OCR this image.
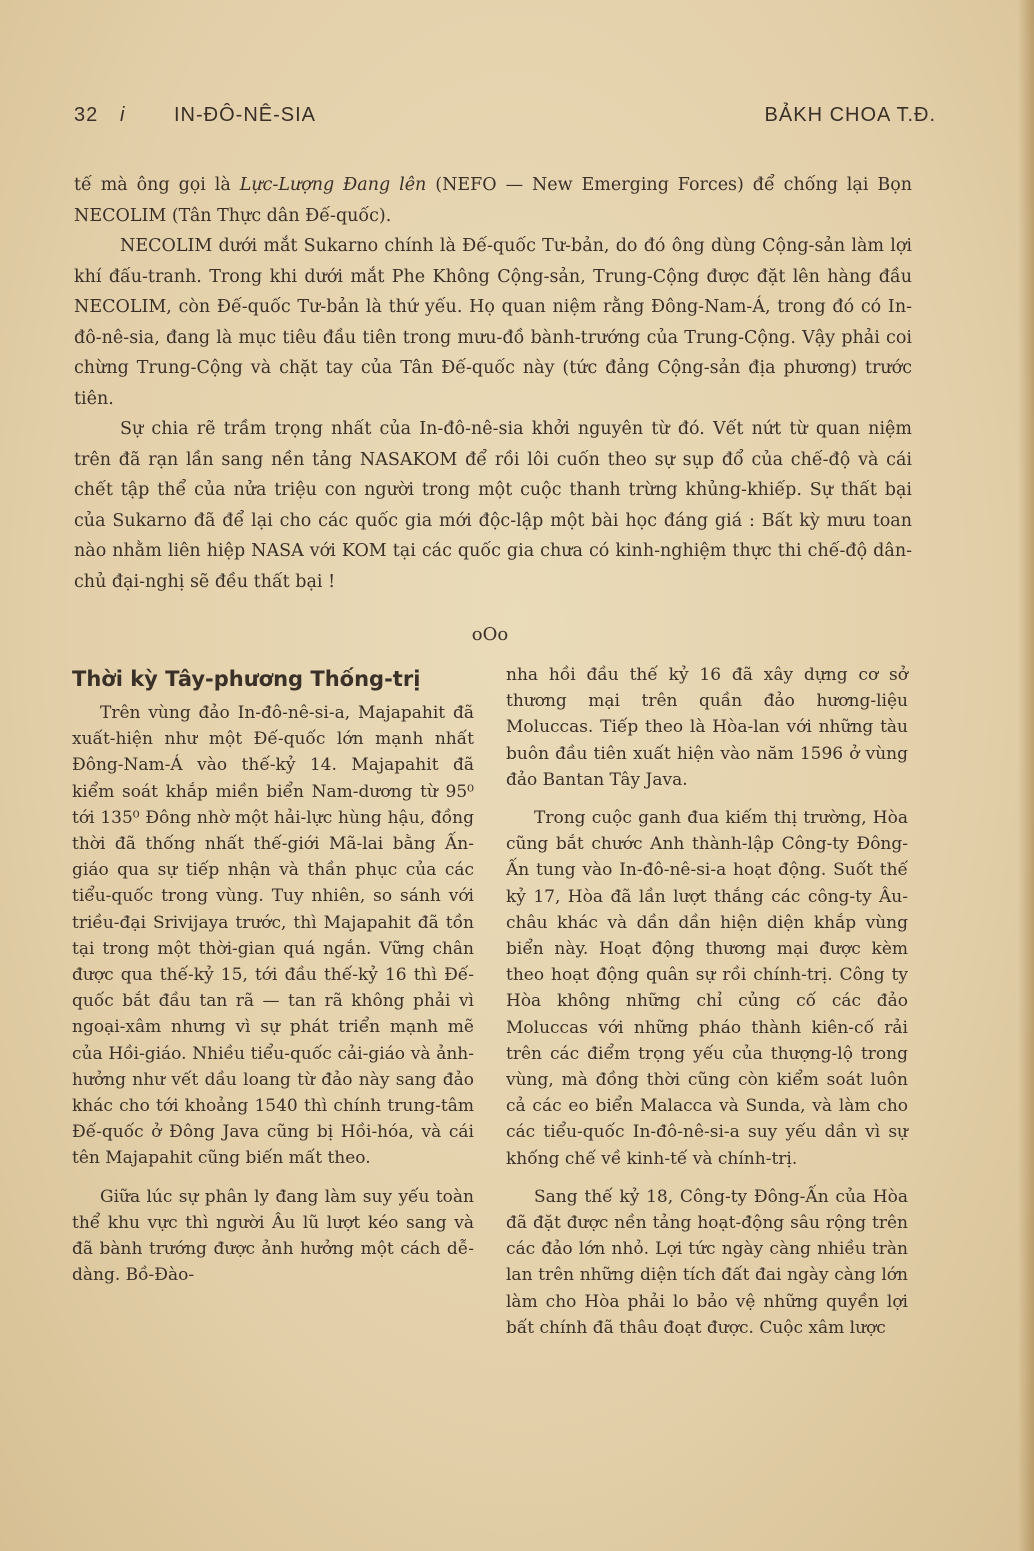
32 i IN-ĐÔ-NÊ-SIA	BẢKH CHOA T.Đ.

tế mà ông gọi là Lực-Lượng Đang lên (NEFO — New Emerging Forces) để chống lại Bọn NECOLIM (Tân Thực dân Đế-quốc).

NECOLIM dưới mắt Sukarno chính là Đế-quốc Tư-bản, do đó ông dùng Cộng-sản làm lợi khí đấu-tranh. Trong khi dưới mắt Phe Không Cộng-sản, Trung-Cộng được đặt lên hàng đầu NECOLIM, còn Đế-quốc Tư-bản là thứ yếu. Họ quan niệm rằng Đông-Nam-Á, trong đó có In-đô-nê-sia, đang là mục tiêu đầu tiên trong mưu-đồ bành-trướng của Trung-Cộng. Vậy phải coi chừng Trung-Cộng và chặt tay của Tân Đế-quốc này (tức đảng Cộng-sản địa phương) trước tiên.

Sự chia rẽ trầm trọng nhất của In-đô-nê-sia khởi nguyên từ đó. Vết nứt từ quan niệm trên đã rạn lần sang nền tảng NASAKOM để rồi lôi cuốn theo sự sụp đổ của chế-độ và cái chết tập thể của nửa triệu con người trong một cuộc thanh trừng khủng-khiếp. Sự thất bại của Sukarno đã để lại cho các quốc gia mới độc-lập một bài học đáng giá : Bất kỳ mưu toan nào nhằm liên hiệp NASA với KOM tại các quốc gia chưa có kinh-nghiệm thực thi chế-độ dân-chủ đại-nghị sẽ đều thất bại !

oOo
Thời kỳ Tây-phương Thống-trị

Trên vùng đảo In-đô-nê-si-a, Majapahit đã xuất-hiện như một Đế-quốc lớn mạnh nhất Đông-Nam-Á vào thế-kỷ 14. Majapahit đã kiểm soát khắp miền biển Nam-dương từ 95⁰ tới 135⁰ Đông nhờ một hải-lực hùng hậu, đồng thời đã thống nhất thế-giới Mã-lai bằng Ấn-giáo qua sự tiếp nhận và thần phục của các tiểu-quốc trong vùng. Tuy nhiên, so sánh với triều-đại Srivijaya trước, thì Majapahit đã tồn tại trong một thời-gian quá ngắn. Vững chân được qua thế-kỷ 15, tới đầu thế-kỷ 16 thì Đế-quốc bắt đầu tan rã — tan rã không phải vì ngoại-xâm nhưng vì sự phát triển mạnh mẽ của Hồi-giáo. Nhiều tiểu-quốc cải-giáo và ảnh-hưởng như vết dầu loang từ đảo này sang đảo khác cho tới khoảng 1540 thì chính trung-tâm Đế-quốc ở Đông Java cũng bị Hồi-hóa, và cái tên Majapahit cũng biến mất theo.

Giữa lúc sự phân ly đang làm suy yếu toàn thể khu vực thì người Âu lũ lượt kéo sang và đã bành trướng được ảnh hưởng một cách dễ-dàng. Bồ-Đào-

nha hồi đầu thế kỷ 16 đã xây dựng cơ sở thương mại trên quần đảo hương-liệu Moluccas. Tiếp theo là Hòa-lan với những tàu buôn đầu tiên xuất hiện vào năm 1596 ở vùng đảo Bantan Tây Java.

Trong cuộc ganh đua kiếm thị trường, Hòa cũng bắt chước Anh thành-lập Công-ty Đông-Ấn tung vào In-đô-nê-si-a hoạt động. Suốt thế kỷ 17, Hòa đã lần lượt thắng các công-ty Âu-châu khác và dần dần hiện diện khắp vùng biển này. Hoạt động thương mại được kèm theo hoạt động quân sự rồi chính-trị. Công ty Hòa không những chỉ củng cố các đảo Moluccas với những pháo thành kiên-cố rải trên các điểm trọng yếu của thượng-lộ trong vùng, mà đồng thời cũng còn kiểm soát luôn cả các eo biển Malacca và Sunda, và làm cho các tiểu-quốc In-đô-nê-si-a suy yếu dần vì sự khống chế về kinh-tế và chính-trị.

Sang thế kỷ 18, Công-ty Đông-Ấn của Hòa đã đặt được nền tảng hoạt-động sâu rộng trên các đảo lớn nhỏ. Lợi tức ngày càng nhiều tràn lan trên những diện tích đất đai ngày càng lớn làm cho Hòa phải lo bảo vệ những quyền lợi bất chính đã thâu đoạt được. Cuộc xâm lược
